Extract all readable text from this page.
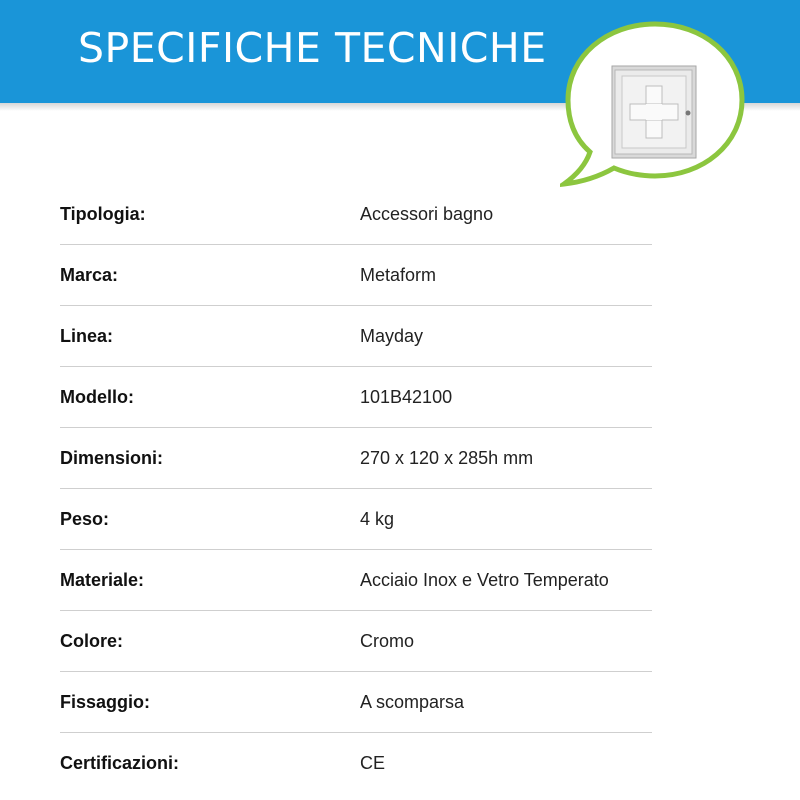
SPECIFICHE TECNICHE
Tipologia:	Accessori bagno
Marca:	Metaform
Linea:	Mayday
Modello:	101B42100
Dimensioni:	270 x 120 x 285h mm
Peso:	4 kg
Materiale:	Acciaio Inox e Vetro Temperato
Colore:	Cromo
Fissaggio:	A scomparsa
Certificazioni:	CE
